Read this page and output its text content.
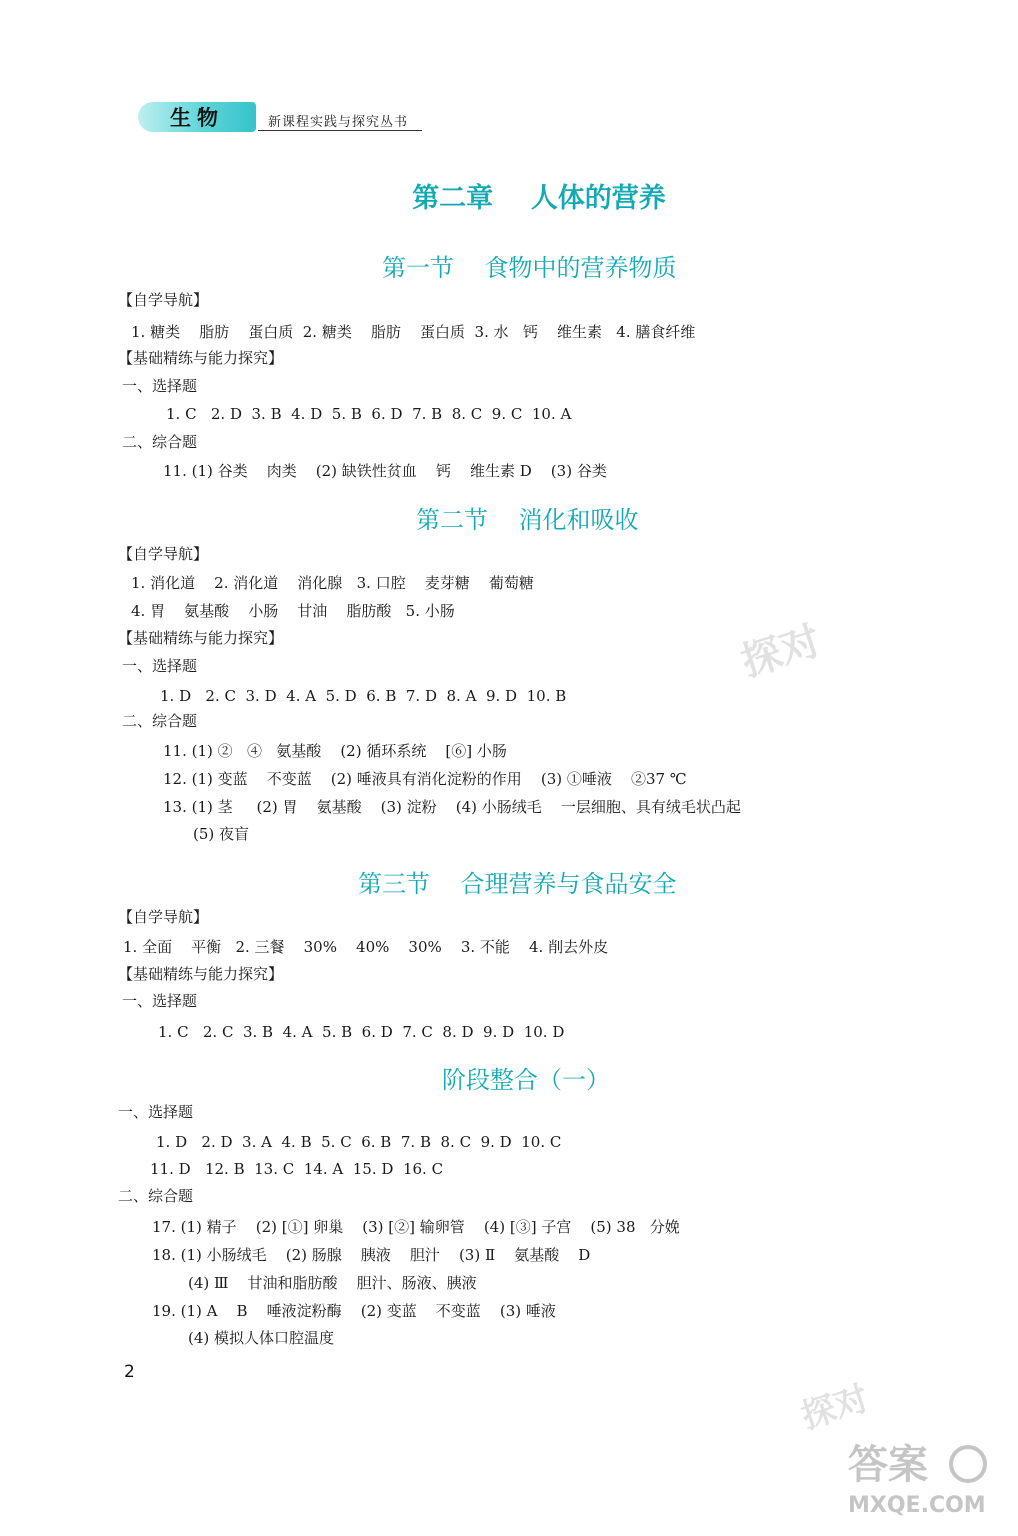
生物	新课程实践与探究丛书
第二章    人体的营养
第一节    食物中的营养物质
【自学导航】
1. 糖类    脂肪    蛋白质  2. 糖类    脂肪    蛋白质  3. 水   钙    维生素   4. 膳食纤维
【基础精练与能力探究】
一、选择题
1. C   2. D  3. B  4. D  5. B  6. D  7. B  8. C  9. C  10. A
二、综合题
11. (1) 谷类    肉类    (2) 缺铁性贫血    钙    维生素 D    (3) 谷类
第二节    消化和吸收
【自学导航】
1. 消化道    2. 消化道    消化腺   3. 口腔    麦芽糖    葡萄糖
4. 胃    氨基酸    小肠    甘油    脂肪酸   5. 小肠
【基础精练与能力探究】
一、选择题
1. D   2. C  3. D  4. A  5. D  6. B  7. D  8. A  9. D  10. B
二、综合题
11. (1) ②   ④   氨基酸    (2) 循环系统    [⑥] 小肠
12. (1) 变蓝    不变蓝    (2) 唾液具有消化淀粉的作用    (3) ①唾液    ②37 ℃
13. (1) 茎     (2) 胃    氨基酸    (3) 淀粉    (4) 小肠绒毛    一层细胞、具有绒毛状凸起
(5) 夜盲
第三节    合理营养与食品安全
【自学导航】
1. 全面    平衡   2. 三餐    30%    40%    30%    3. 不能    4. 削去外皮
【基础精练与能力探究】
一、选择题
1. C   2. C  3. B  4. A  5. B  6. D  7. C  8. D  9. D  10. D
阶段整合（一）
一、选择题
1. D   2. D  3. A  4. B  5. C  6. B  7. B  8. C  9. D  10. C
11. D   12. B  13. C  14. A  15. D  16. C
二、综合题
17. (1) 精子    (2) [①] 卵巢    (3) [②] 输卵管    (4) [③] 子宫    (5) 38   分娩
18. (1) 小肠绒毛    (2) 肠腺    胰液    胆汁    (3) Ⅱ    氨基酸    D
(4) Ⅲ    甘油和脂肪酸    胆汁、肠液、胰液
19. (1) A    B    唾液淀粉酶    (2) 变蓝    不变蓝    (3) 唾液
(4) 模拟人体口腔温度
2
探对
探对
答案
MXQE.COM
